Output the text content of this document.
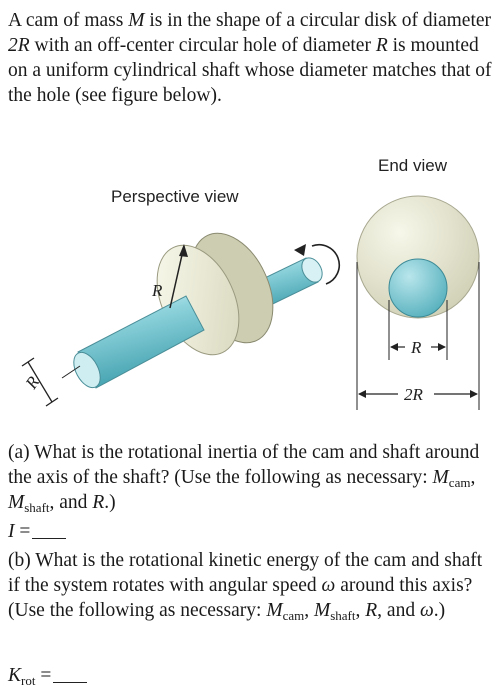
A cam of mass M is in the shape of a circular disk of diameter 2R with an off-center circular hole of diameter R is mounted on a uniform cylindrical shaft whose diameter matches that of the hole (see figure below).

R
R
R
2R
Perspective view
End view

(a) What is the rotational inertia of the cam and shaft around the axis of the shaft? (Use the following as necessary: $M_{cam}$, $M_{shaft}$, and R.)

I =

(b) What is the rotational kinetic energy of the cam and shaft if the system rotates with angular speed ω around this axis? (Use the following as necessary: $M_{cam}$, $M_{shaft}$, R, and ω.)

$K_{rot}$ =
